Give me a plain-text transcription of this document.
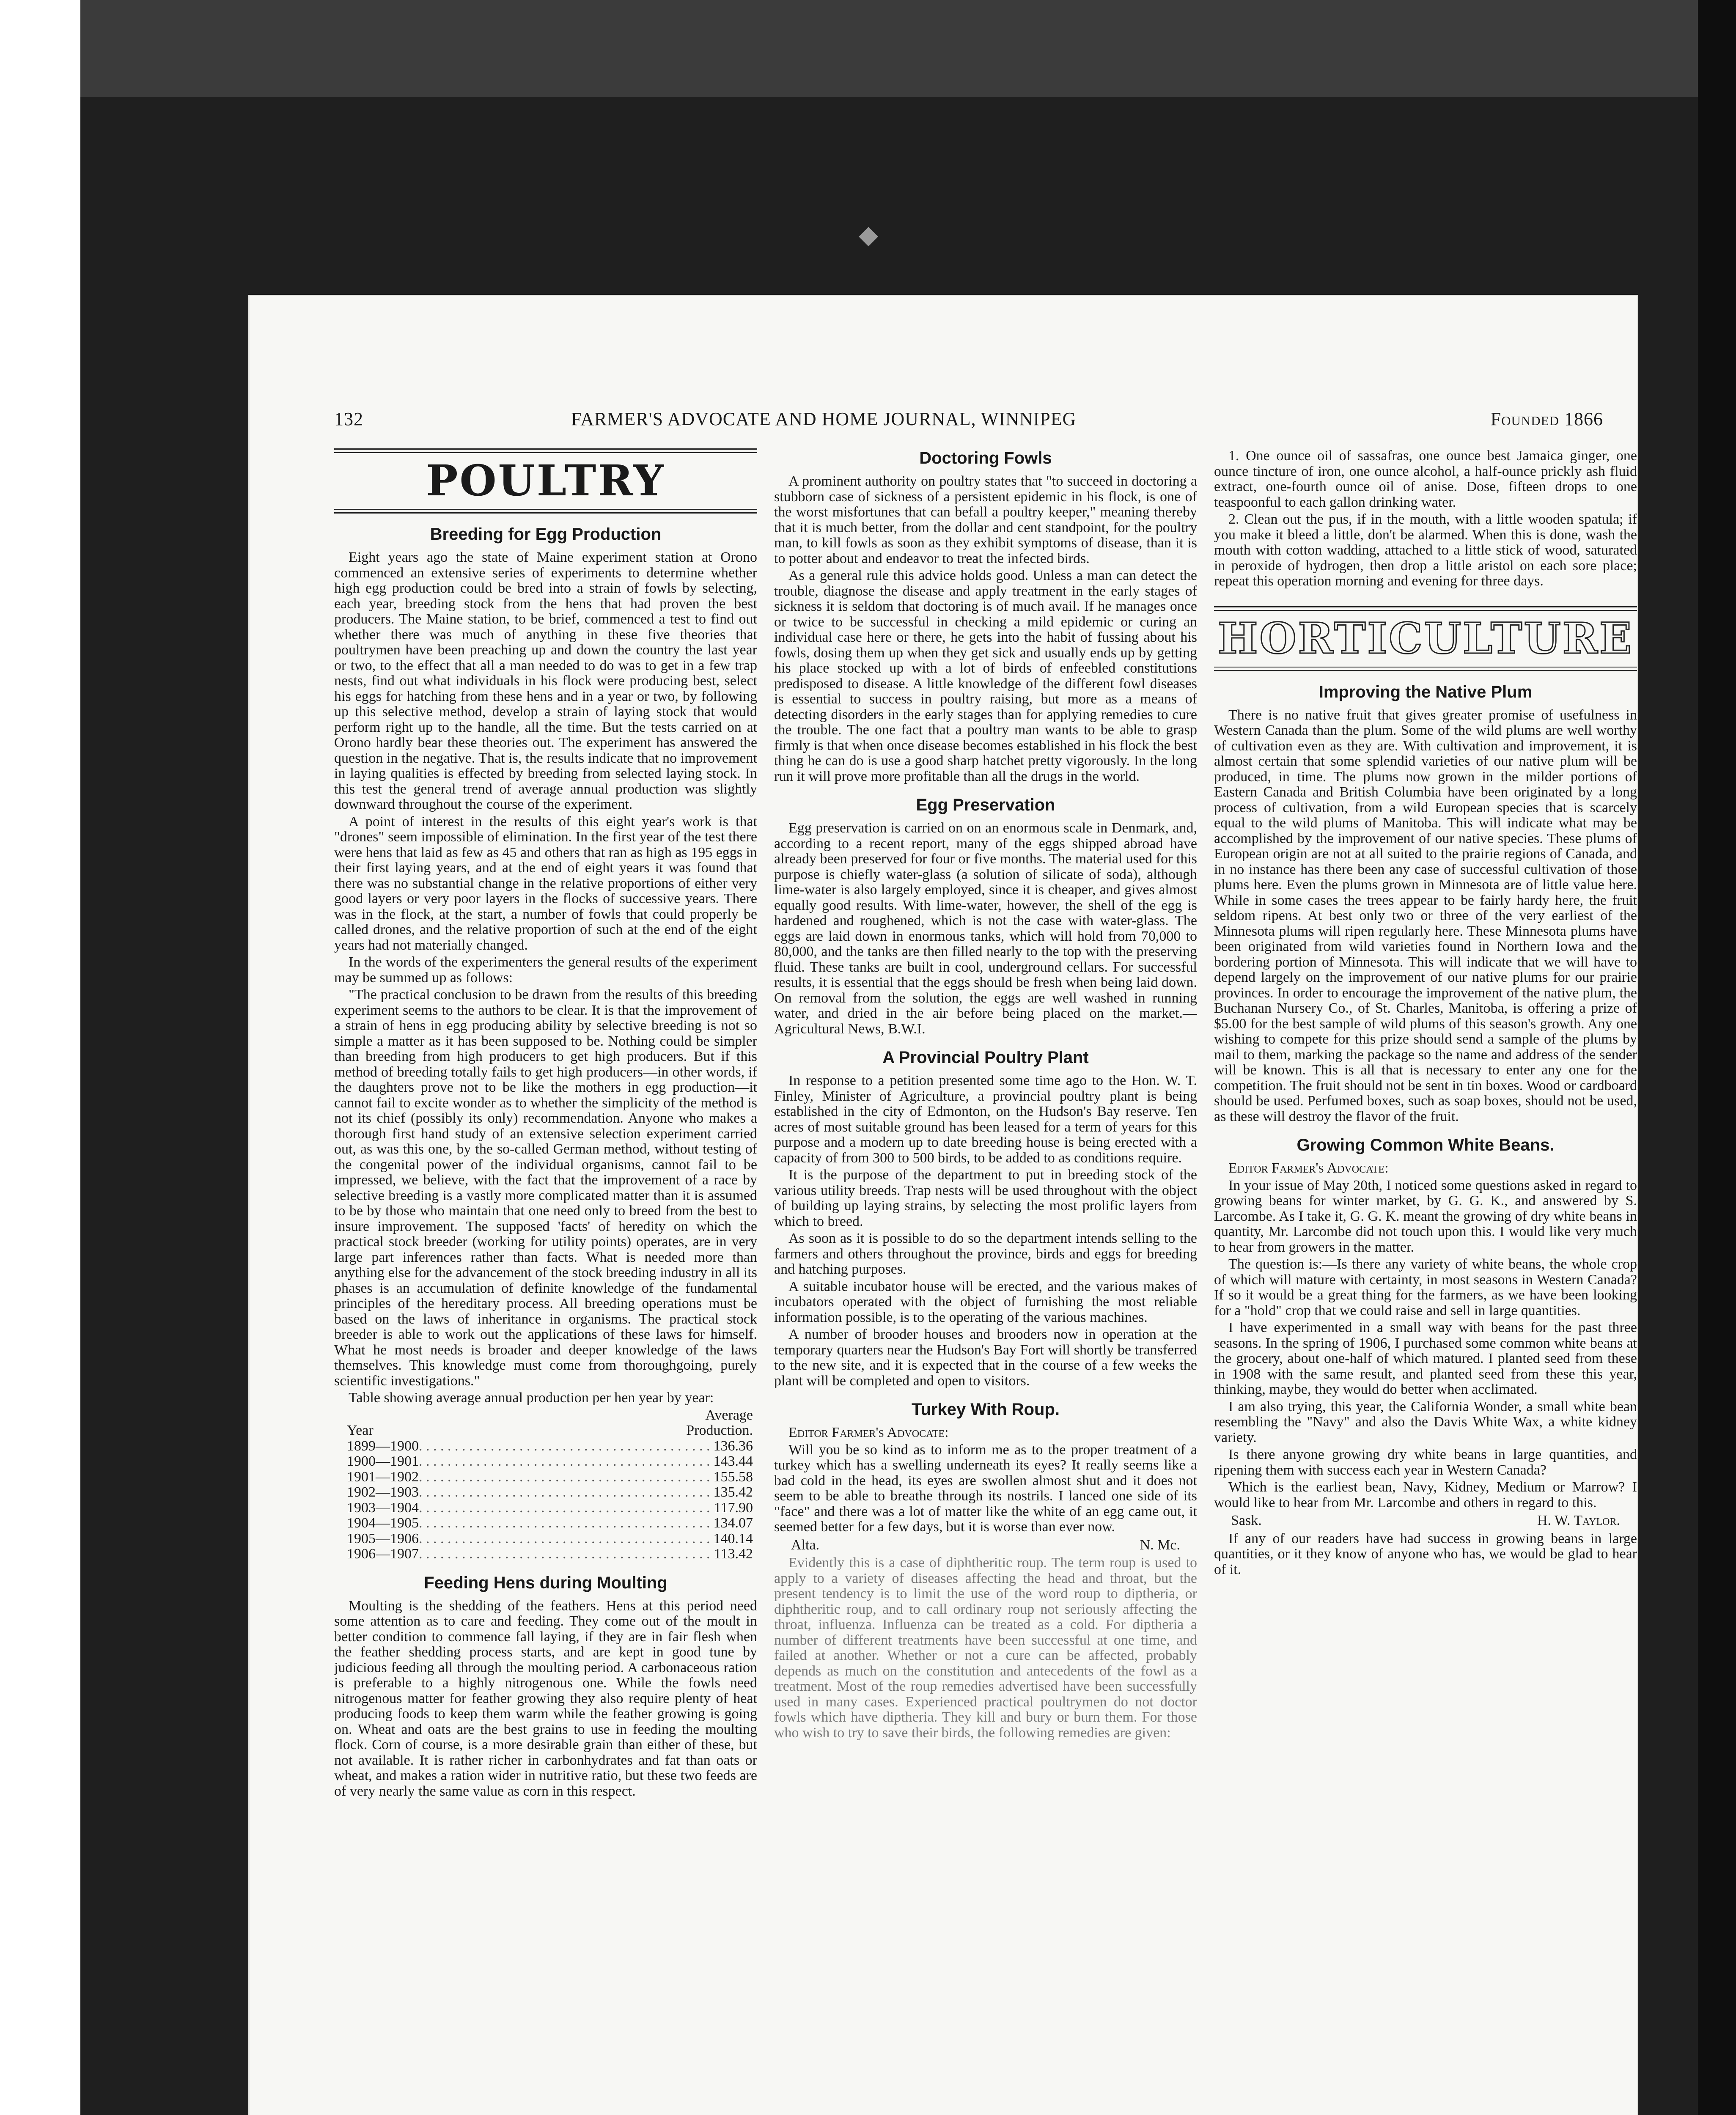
◆
132	FARMER'S ADVOCATE AND HOME JOURNAL, WINNIPEG	Founded 1866
POULTRY
Breeding for Egg Production

Eight years ago the state of Maine experiment station at Orono commenced an extensive series of experiments to determine whether high egg production could be bred into a strain of fowls by selecting, each year, breeding stock from the hens that had proven the best producers. The Maine station, to be brief, commenced a test to find out whether there was much of anything in these five theories that poultrymen have been preaching up and down the country the last year or two, to the effect that all a man needed to do was to get in a few trap nests, find out what individuals in his flock were producing best, select his eggs for hatching from these hens and in a year or two, by following up this selective method, develop a strain of laying stock that would perform right up to the handle, all the time. But the tests carried on at Orono hardly bear these theories out. The experiment has answered the question in the negative. That is, the results indicate that no improvement in laying qualities is effected by breeding from selected laying stock. In this test the general trend of average annual production was slightly downward throughout the course of the experiment.

A point of interest in the results of this eight year's work is that "drones" seem impossible of elimination. In the first year of the test there were hens that laid as few as 45 and others that ran as high as 195 eggs in their first laying years, and at the end of eight years it was found that there was no substantial change in the relative proportions of either very good layers or very poor layers in the flocks of successive years. There was in the flock, at the start, a number of fowls that could properly be called drones, and the relative proportion of such at the end of the eight years had not materially changed.

In the words of the experimenters the general results of the experiment may be summed up as follows:

"The practical conclusion to be drawn from the results of this breeding experiment seems to the authors to be clear. It is that the improvement of a strain of hens in egg producing ability by selective breeding is not so simple a matter as it has been supposed to be. Nothing could be simpler than breeding from high producers to get high producers. But if this method of breeding totally fails to get high producers—in other words, if the daughters prove not to be like the mothers in egg production—it cannot fail to excite wonder as to whether the simplicity of the method is not its chief (possibly its only) recommendation. Anyone who makes a thorough first hand study of an extensive selection experiment carried out, as was this one, by the so-called German method, without testing of the congenital power of the individual organisms, cannot fail to be impressed, we believe, with the fact that the improvement of a race by selective breeding is a vastly more complicated matter than it is assumed to be by those who maintain that one need only to breed from the best to insure improvement. The supposed 'facts' of heredity on which the practical stock breeder (working for utility points) operates, are in very large part inferences rather than facts. What is needed more than anything else for the advancement of the stock breeding industry in all its phases is an accumulation of definite knowledge of the fundamental principles of the hereditary process. All breeding operations must be based on the laws of inheritance in organisms. The practical stock breeder is able to work out the applications of these laws for himself. What he most needs is broader and deeper knowledge of the laws themselves. This knowledge must come from thoroughgoing, purely scientific investigations."

Table showing average annual production per hen year by year:

Average
Year	Production.
1899—1900 . . .	136.36
1900—1901 . . .	143.44
1901—1902 . . .	155.58
1902—1903 . . .	135.42
1903—1904 . . .	117.90
1904—1905 . . .	134.07
1905—1906 . . .	140.14
1906—1907 . . .	113.42
Feeding Hens during Moulting

Moulting is the shedding of the feathers. Hens at this period need some attention as to care and feeding. They come out of the moult in better condition to commence fall laying, if they are in fair flesh when the feather shedding process starts, and are kept in good tune by judicious feeding all through the moulting period. A carbonaceous ration is preferable to a highly nitrogenous one. While the fowls need nitrogenous matter for feather growing they also require plenty of heat producing foods to keep them warm while the feather growing is going on. Wheat and oats are the best grains to use in feeding the moulting flock. Corn of course, is a more desirable grain than either of these, but not available. It is rather richer in carbonhydrates and fat than oats or wheat, and makes a ration wider in nutritive ratio, but these two feeds are of very nearly the same value as corn in this respect.

Doctoring Fowls

A prominent authority on poultry states that "to succeed in doctoring a stubborn case of sickness of a persistent epidemic in his flock, is one of the worst misfortunes that can befall a poultry keeper," meaning thereby that it is much better, from the dollar and cent standpoint, for the poultry man, to kill fowls as soon as they exhibit symptoms of disease, than it is to potter about and endeavor to treat the infected birds.

As a general rule this advice holds good. Unless a man can detect the trouble, diagnose the disease and apply treatment in the early stages of sickness it is seldom that doctoring is of much avail. If he manages once or twice to be successful in checking a mild epidemic or curing an individual case here or there, he gets into the habit of fussing about his fowls, dosing them up when they get sick and usually ends up by getting his place stocked up with a lot of birds of enfeebled constitutions predisposed to disease. A little knowledge of the different fowl diseases is essential to success in poultry raising, but more as a means of detecting disorders in the early stages than for applying remedies to cure the trouble. The one fact that a poultry man wants to be able to grasp firmly is that when once disease becomes established in his flock the best thing he can do is use a good sharp hatchet pretty vigorously. In the long run it will prove more profitable than all the drugs in the world.

Egg Preservation

Egg preservation is carried on on an enormous scale in Denmark, and, according to a recent report, many of the eggs shipped abroad have already been preserved for four or five months. The material used for this purpose is chiefly water-glass (a solution of silicate of soda), although lime-water is also largely employed, since it is cheaper, and gives almost equally good results. With lime-water, however, the shell of the egg is hardened and roughened, which is not the case with water-glass. The eggs are laid down in enormous tanks, which will hold from 70,000 to 80,000, and the tanks are then filled nearly to the top with the preserving fluid. These tanks are built in cool, underground cellars. For successful results, it is essential that the eggs should be fresh when being laid down. On removal from the solution, the eggs are well washed in running water, and dried in the air before being placed on the market.—Agricultural News, B.W.I.

A Provincial Poultry Plant

In response to a petition presented some time ago to the Hon. W. T. Finley, Minister of Agriculture, a provincial poultry plant is being established in the city of Edmonton, on the Hudson's Bay reserve. Ten acres of most suitable ground has been leased for a term of years for this purpose and a modern up to date breeding house is being erected with a capacity of from 300 to 500 birds, to be added to as conditions require.

It is the purpose of the department to put in breeding stock of the various utility breeds. Trap nests will be used throughout with the object of building up laying strains, by selecting the most prolific layers from which to breed.

As soon as it is possible to do so the department intends selling to the farmers and others throughout the province, birds and eggs for breeding and hatching purposes.

A suitable incubator house will be erected, and the various makes of incubators operated with the object of furnishing the most reliable information possible, is to the operating of the various machines.

A number of brooder houses and brooders now in operation at the temporary quarters near the Hudson's Bay Fort will shortly be transferred to the new site, and it is expected that in the course of a few weeks the plant will be completed and open to visitors.

Turkey With Roup.

Editor Farmer's Advocate:

Will you be so kind as to inform me as to the proper treatment of a turkey which has a swelling underneath its eyes? It really seems like a bad cold in the head, its eyes are swollen almost shut and it does not seem to be able to breathe through its nostrils. I lanced one side of its "face" and there was a lot of matter like the white of an egg came out, it seemed better for a few days, but it is worse than ever now.

Alta.	N. Mc.

Evidently this is a case of diphtheritic roup. The term roup is used to apply to a variety of diseases affecting the head and throat, but the present tendency is to limit the use of the word roup to diptheria, or diphtheritic roup, and to call ordinary roup not seriously affecting the throat, influenza. Influenza can be treated as a cold. For diptheria a number of different treatments have been successful at one time, and failed at another. Whether or not a cure can be affected, probably depends as much on the constitution and antecedents of the fowl as a treatment. Most of the roup remedies advertised have been successfully used in many cases. Experienced practical poultrymen do not doctor fowls which have diptheria. They kill and bury or burn them. For those who wish to try to save their birds, the following remedies are given:

1. One ounce oil of sassafras, one ounce best Jamaica ginger, one ounce tincture of iron, one ounce alcohol, a half-ounce prickly ash fluid extract, one-fourth ounce oil of anise. Dose, fifteen drops to one teaspoonful to each gallon drinking water.

2. Clean out the pus, if in the mouth, with a little wooden spatula; if you make it bleed a little, don't be alarmed. When this is done, wash the mouth with cotton wadding, attached to a little stick of wood, saturated in peroxide of hydrogen, then drop a little aristol on each sore place; repeat this operation morning and evening for three days.

HORTICULTURE
Improving the Native Plum

There is no native fruit that gives greater promise of usefulness in Western Canada than the plum. Some of the wild plums are well worthy of cultivation even as they are. With cultivation and improvement, it is almost certain that some splendid varieties of our native plum will be produced, in time. The plums now grown in the milder portions of Eastern Canada and British Columbia have been originated by a long process of cultivation, from a wild European species that is scarcely equal to the wild plums of Manitoba. This will indicate what may be accomplished by the improvement of our native species. These plums of European origin are not at all suited to the prairie regions of Canada, and in no instance has there been any case of successful cultivation of those plums here. Even the plums grown in Minnesota are of little value here. While in some cases the trees appear to be fairly hardy here, the fruit seldom ripens. At best only two or three of the very earliest of the Minnesota plums will ripen regularly here. These Minnesota plums have been originated from wild varieties found in Northern Iowa and the bordering portion of Minnesota. This will indicate that we will have to depend largely on the improvement of our native plums for our prairie provinces. In order to encourage the improvement of the native plum, the Buchanan Nursery Co., of St. Charles, Manitoba, is offering a prize of $5.00 for the best sample of wild plums of this season's growth. Any one wishing to compete for this prize should send a sample of the plums by mail to them, marking the package so the name and address of the sender will be known. This is all that is necessary to enter any one for the competition. The fruit should not be sent in tin boxes. Wood or cardboard should be used. Perfumed boxes, such as soap boxes, should not be used, as these will destroy the flavor of the fruit.

Growing Common White Beans.

Editor Farmer's Advocate:

In your issue of May 20th, I noticed some questions asked in regard to growing beans for winter market, by G. G. K., and answered by S. Larcombe. As I take it, G. G. K. meant the growing of dry white beans in quantity, Mr. Larcombe did not touch upon this. I would like very much to hear from growers in the matter.

The question is:—Is there any variety of white beans, the whole crop of which will mature with certainty, in most seasons in Western Canada? If so it would be a great thing for the farmers, as we have been looking for a "hold" crop that we could raise and sell in large quantities.

I have experimented in a small way with beans for the past three seasons. In the spring of 1906, I purchased some common white beans at the grocery, about one-half of which matured. I planted seed from these in 1908 with the same result, and planted seed from these this year, thinking, maybe, they would do better when acclimated.

I am also trying, this year, the California Wonder, a small white bean resembling the "Navy" and also the Davis White Wax, a white kidney variety.

Is there anyone growing dry white beans in large quantities, and ripening them with success each year in Western Canada?

Which is the earliest bean, Navy, Kidney, Medium or Marrow? I would like to hear from Mr. Larcombe and others in regard to this.

Sask.	H. W. Taylor.

If any of our readers have had success in growing beans in large quantities, or it they know of anyone who has, we would be glad to hear of it.
